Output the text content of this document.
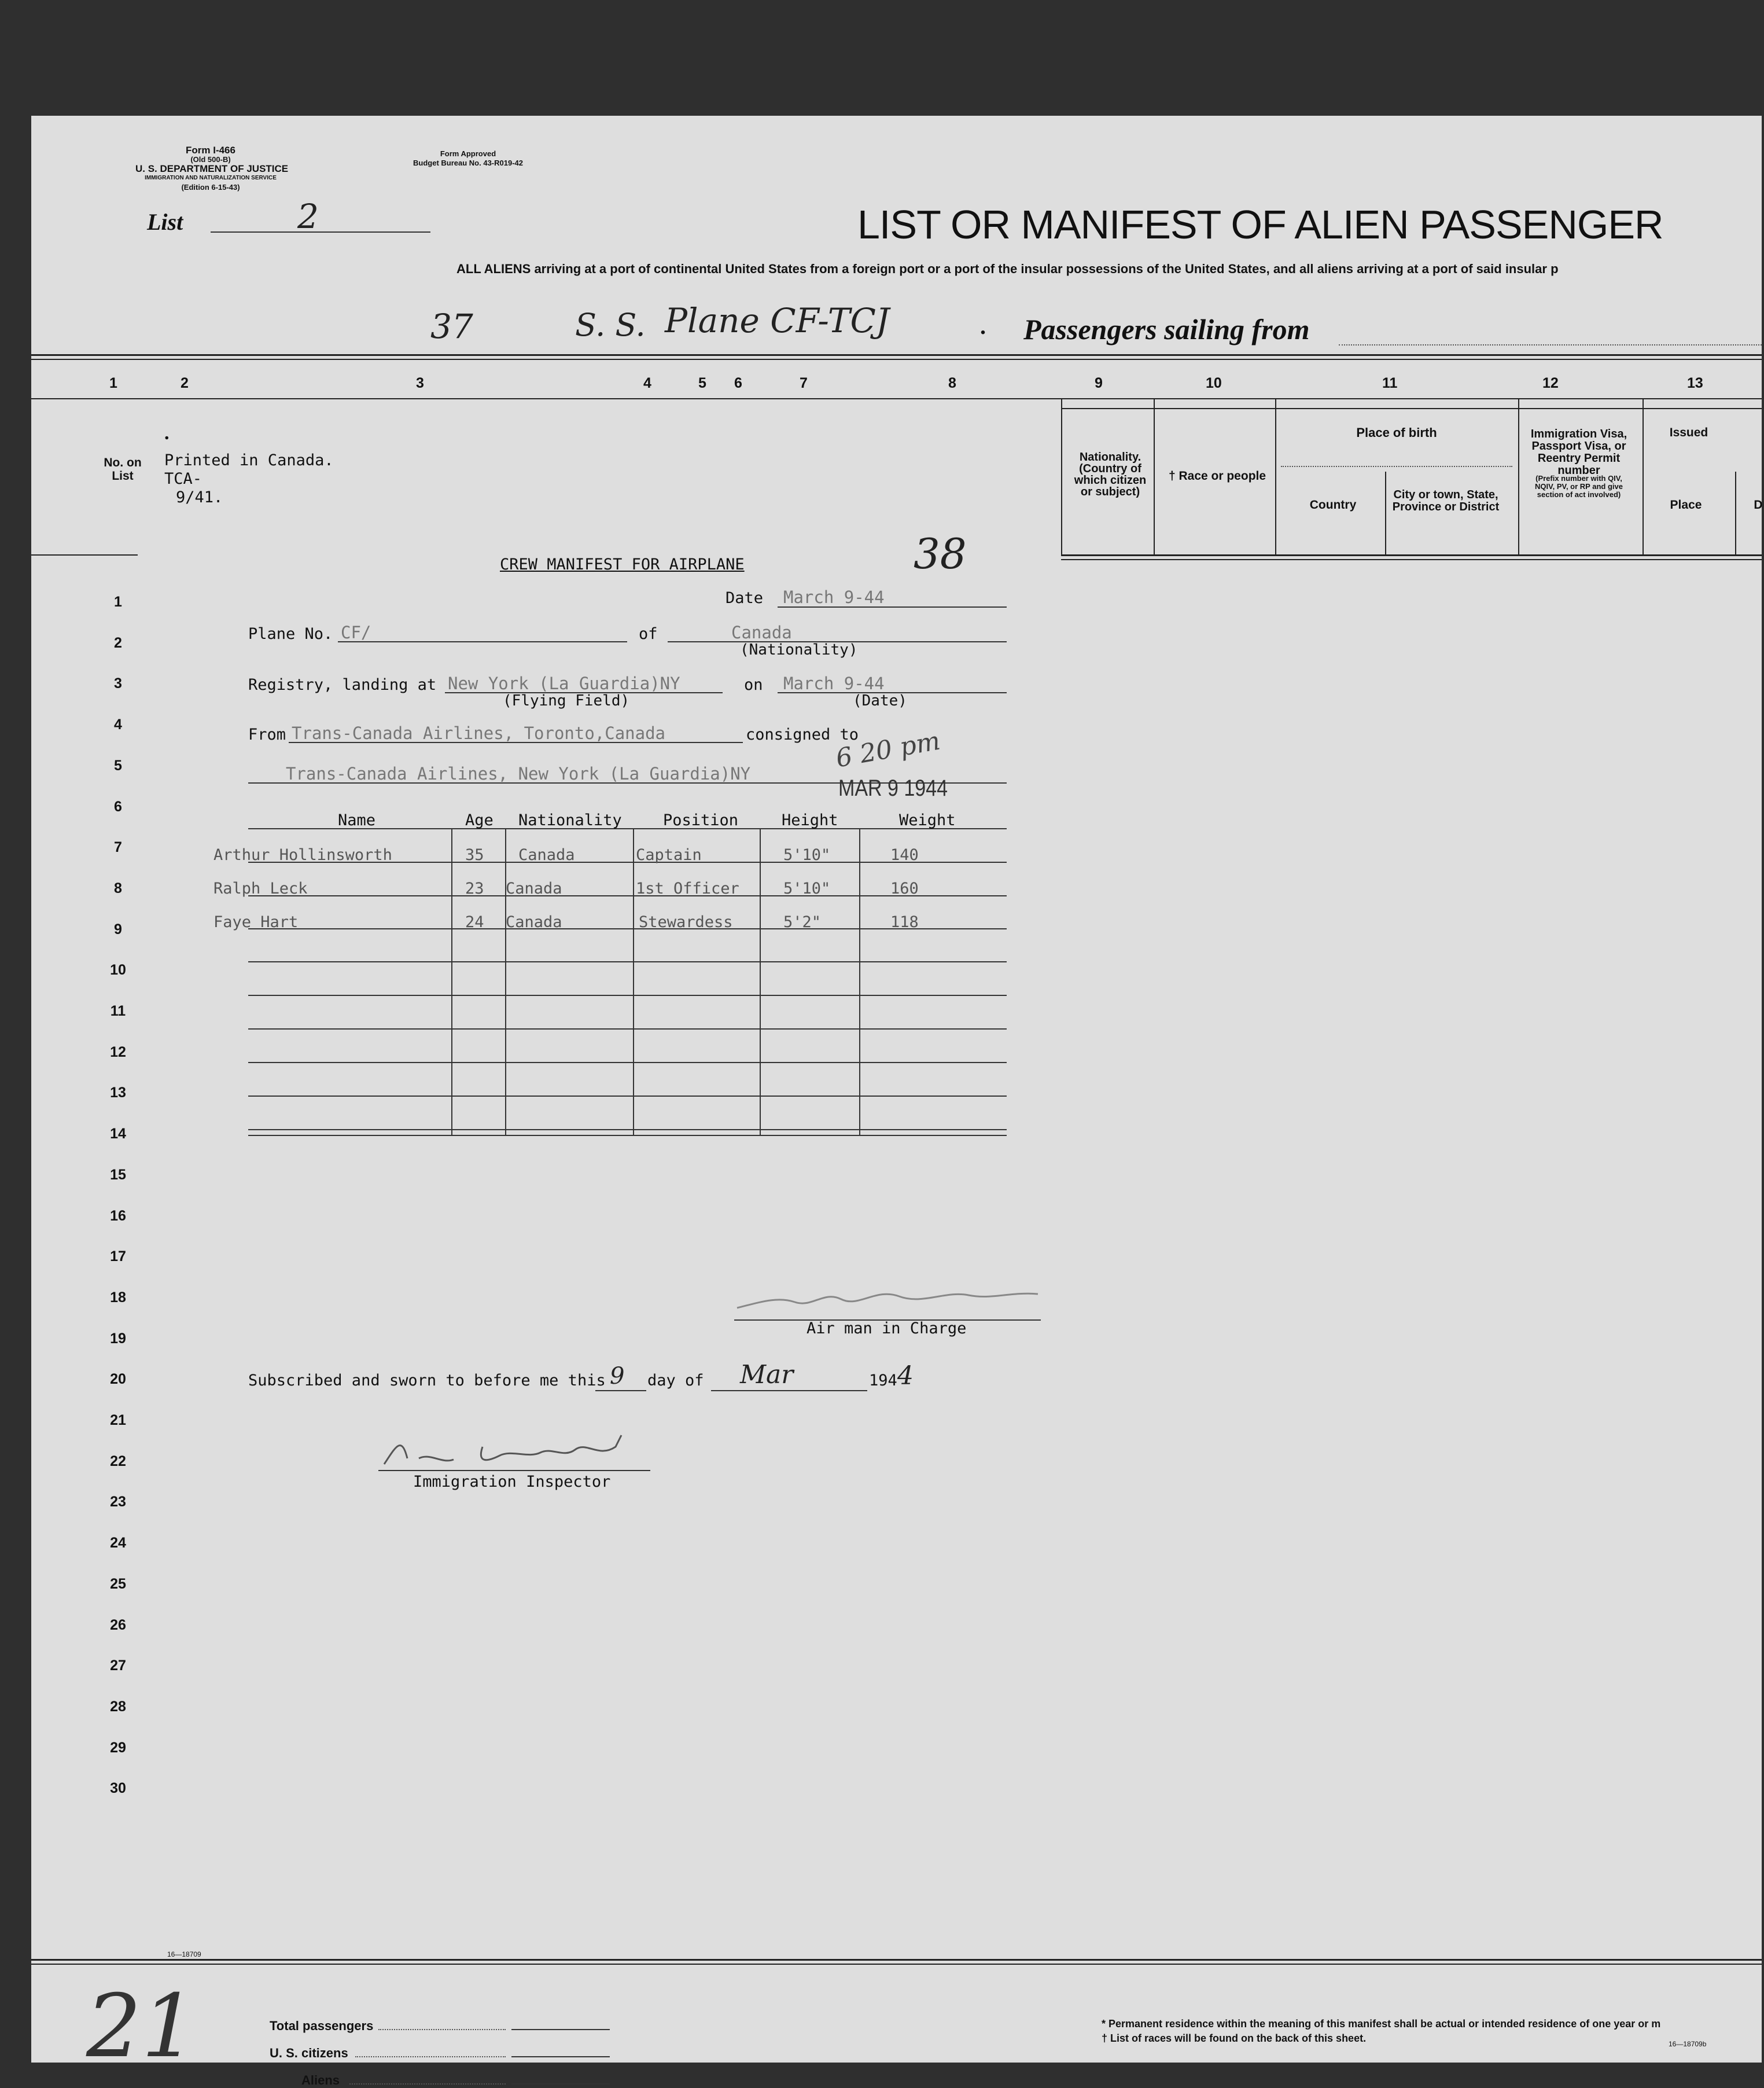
Form I-466
(Old 500-B)
U. S. DEPARTMENT OF JUSTICE
IMMIGRATION AND NATURALIZATION SERVICE
(Edition 6-15-43)
Form Approved
Budget Bureau No. 43-R019-42
List	2	LIST OR MANIFEST OF ALIEN PASSENGER
ALL ALIENS arriving at a port of continental United States from a foreign port or a port of the insular possessions of the United States, and all aliens arriving at a port of said insular p
37	S. S. Plane CF-TCJ	. Passengers sailing from
1	2	3	4	5 6	7	8	9	10	11	12	13
No. on List
Nationality. (Country of which citizen or subject)
† Race or people
Place of birth
Country
City or town, State, Province or District
Immigration Visa, Passport Visa, or Reentry Permit number
(Prefix number with QIV, NQIV, PV, or RP and give section of act involved)
Issued
Place	D
1
2
3
4
5
6
7
8
9
10
11
12
13
14
15
16
17
18
19
20
21
22
23
24
25
26
27
28
29
30
.
Printed in Canada.
TCA-
9/41.
38
CREW MANIFEST FOR AIRPLANE
Date March 9-44
Plane No. CF/	of	Canada
(Nationality)
Registry, landing at New York (La Guardia)NY	on March 9-44
(Flying Field)	(Date)
From Trans-Canada Airlines, Toronto,Canada	consigned to
Trans-Canada Airlines, New York (La Guardia)NY
6 20 pm
MAR 9 1944
Name	Age Nationality	Position	Height	Weight
Arthur Hollinsworth	35 Canada	Captain	5'10"	140
Ralph Leck	23 Canada	1st Officer	5'10"	160
Faye Hart	24 Canada	Stewardess	5'2"	118
Air man in Charge
Subscribed and sworn to before me this 9 day of Mar	194 4
Immigration Inspector
16—18709
21	Total passengers
U. S. citizens
Aliens
* Permanent residence within the meaning of this manifest shall be actual or intended residence of one year or m
† List of races will be found on the back of this sheet.	16—18709b
